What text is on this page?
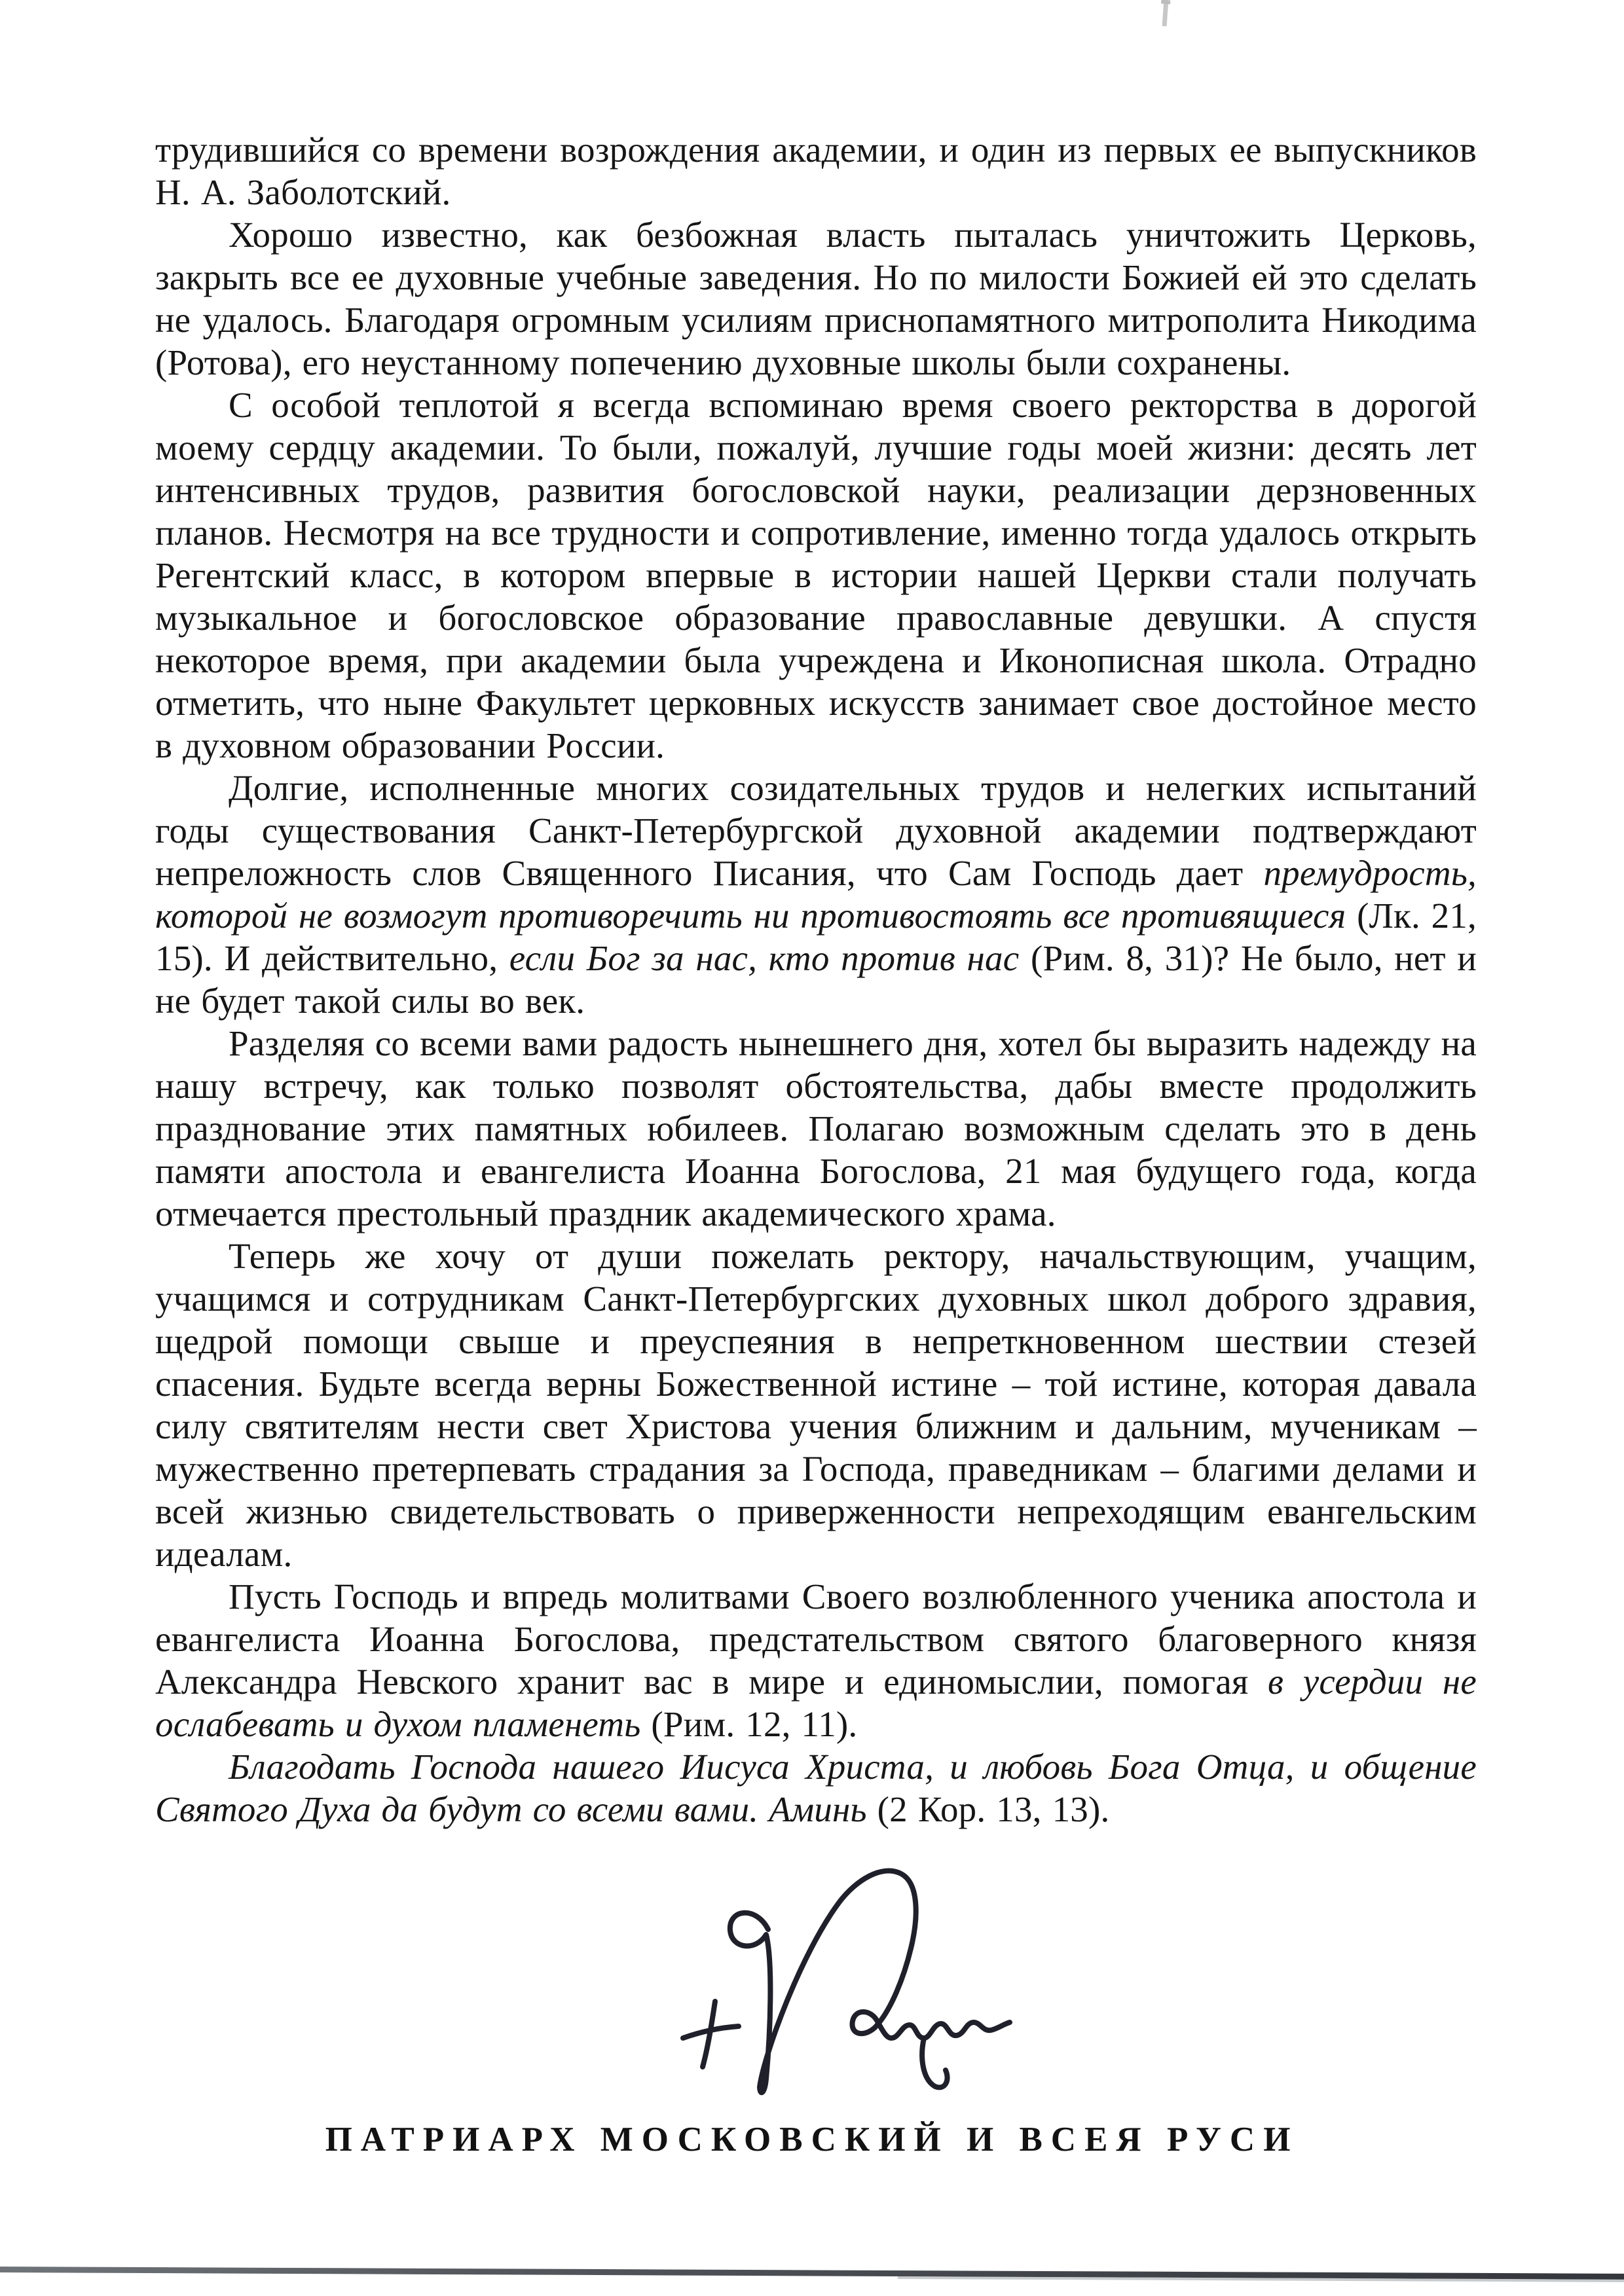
трудившийся со времени возрождения академии, и один из первых ее выпускников Н. А. Заболотский.

Хорошо известно, как безбожная власть пыталась уничтожить Церковь, закрыть все ее духовные учебные заведения. Но по милости Божией ей это сделать не удалось. Благодаря огромным усилиям приснопамятного митрополита Никодима (Ротова), его неустанному попечению духовные школы были сохранены.

С особой теплотой я всегда вспоминаю время своего ректорства в дорогой моему сердцу академии. То были, пожалуй, лучшие годы моей жизни: десять лет интенсивных трудов, развития богословской науки, реализации дерзновенных планов. Несмотря на все трудности и сопротивление, именно тогда удалось открыть Регентский класс, в котором впервые в истории нашей Церкви стали получать музыкальное и богословское образование православные девушки. А спустя некоторое время, при академии была учреждена и Иконописная школа. Отрадно отметить, что ныне Факультет церковных искусств занимает свое достойное место в духовном образовании России.

Долгие, исполненные многих созидательных трудов и нелегких испытаний годы существования Санкт-Петербургской духовной академии подтверждают непреложность слов Священного Писания, что Сам Господь дает премудрость, которой не возмогут противоречить ни противостоять все противящиеся (Лк. 21, 15). И действительно, если Бог за нас, кто против нас (Рим. 8, 31)? Не было, нет и не будет такой силы во век.

Разделяя со всеми вами радость нынешнего дня, хотел бы выразить надежду на нашу встречу, как только позволят обстоятельства, дабы вместе продолжить празднование этих памятных юбилеев. Полагаю возможным сделать это в день памяти апостола и евангелиста Иоанна Богослова, 21 мая будущего года, когда отмечается престольный праздник академического храма.

Теперь же хочу от души пожелать ректору, начальствующим, учащим, учащимся и сотрудникам Санкт-Петербургских духовных школ доброго здравия, щедрой помощи свыше и преуспеяния в непреткновенном шествии стезей спасения. Будьте всегда верны Божественной истине – той истине, которая давала силу святителям нести свет Христова учения ближним и дальним, мученикам – мужественно претерпевать страдания за Господа, праведникам – благими делами и всей жизнью свидетельствовать о приверженности непреходящим евангельским идеалам.

Пусть Господь и впредь молитвами Своего возлюбленного ученика апостола и евангелиста Иоанна Богослова, предстательством святого благоверного князя Александра Невского хранит вас в мире и единомыслии, помогая в усердии не ослабевать и духом пламенеть (Рим. 12, 11).

Благодать Господа нашего Иисуса Христа, и любовь Бога Отца, и общение Святого Духа да будут со всеми вами. Аминь (2 Кор. 13, 13).

ПАТРИАРХ МОСКОВСКИЙ И ВСЕЯ РУСИ
